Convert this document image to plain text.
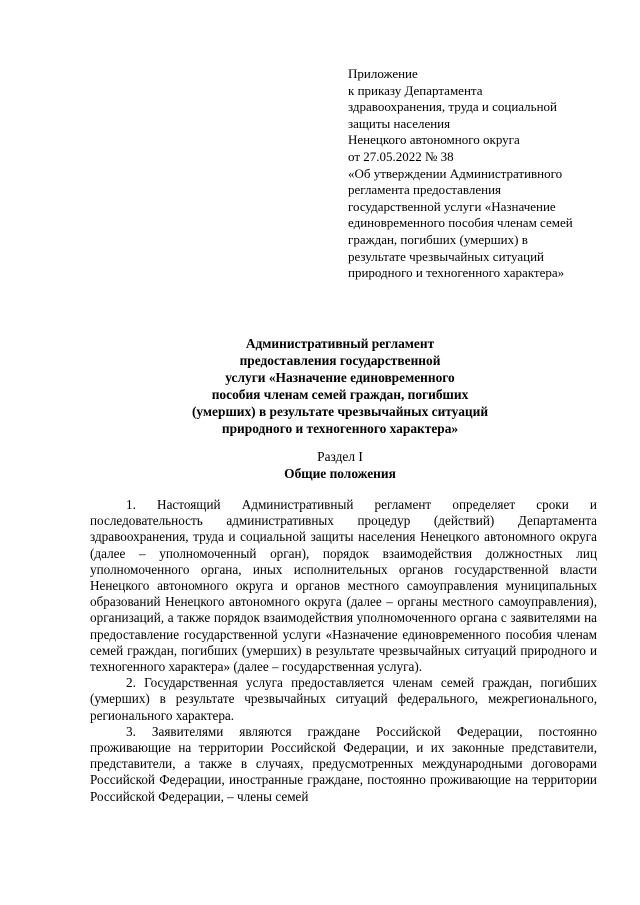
Приложение
к приказу Департамента
здравоохранения, труда и социальной
защиты населения
Ненецкого автономного округа
от 27.05.2022 № 38
«Об утверждении Административного
регламента предоставления
государственной услуги «Назначение
единовременного пособия членам семей
граждан, погибших (умерших) в
результате чрезвычайных ситуаций
природного и техногенного характера»
Административный регламент
предоставления государственной
услуги «Назначение единовременного
пособия членам семей граждан, погибших
(умерших) в результате чрезвычайных ситуаций
природного и техногенного характера»
Раздел I
Общие положения

1. Настоящий Административный регламент определяет сроки и последовательность административных процедур (действий) Департамента здравоохранения, труда и социальной защиты населения Ненецкого автономного округа (далее – уполномоченный орган), порядок взаимодействия должностных лиц уполномоченного органа, иных исполнительных органов государственной власти Ненецкого автономного округа и органов местного самоуправления муниципальных образований Ненецкого автономного округа (далее – органы местного самоуправления), организаций, а также порядок взаимодействия уполномоченного органа с заявителями на предоставление государственной услуги «Назначение единовременного пособия членам семей граждан, погибших (умерших) в результате чрезвычайных ситуаций природного и техногенного характера» (далее – государственная услуга).

2. Государственная услуга предоставляется членам семей граждан, погибших (умерших) в результате чрезвычайных ситуаций федерального, межрегионального, регионального характера.

3. Заявителями являются граждане Российской Федерации, постоянно проживающие на территории Российской Федерации, и их законные представители, представители, а также в случаях, предусмотренных международными договорами Российской Федерации, иностранные граждане, постоянно проживающие на территории Российской Федерации, – члены семей
